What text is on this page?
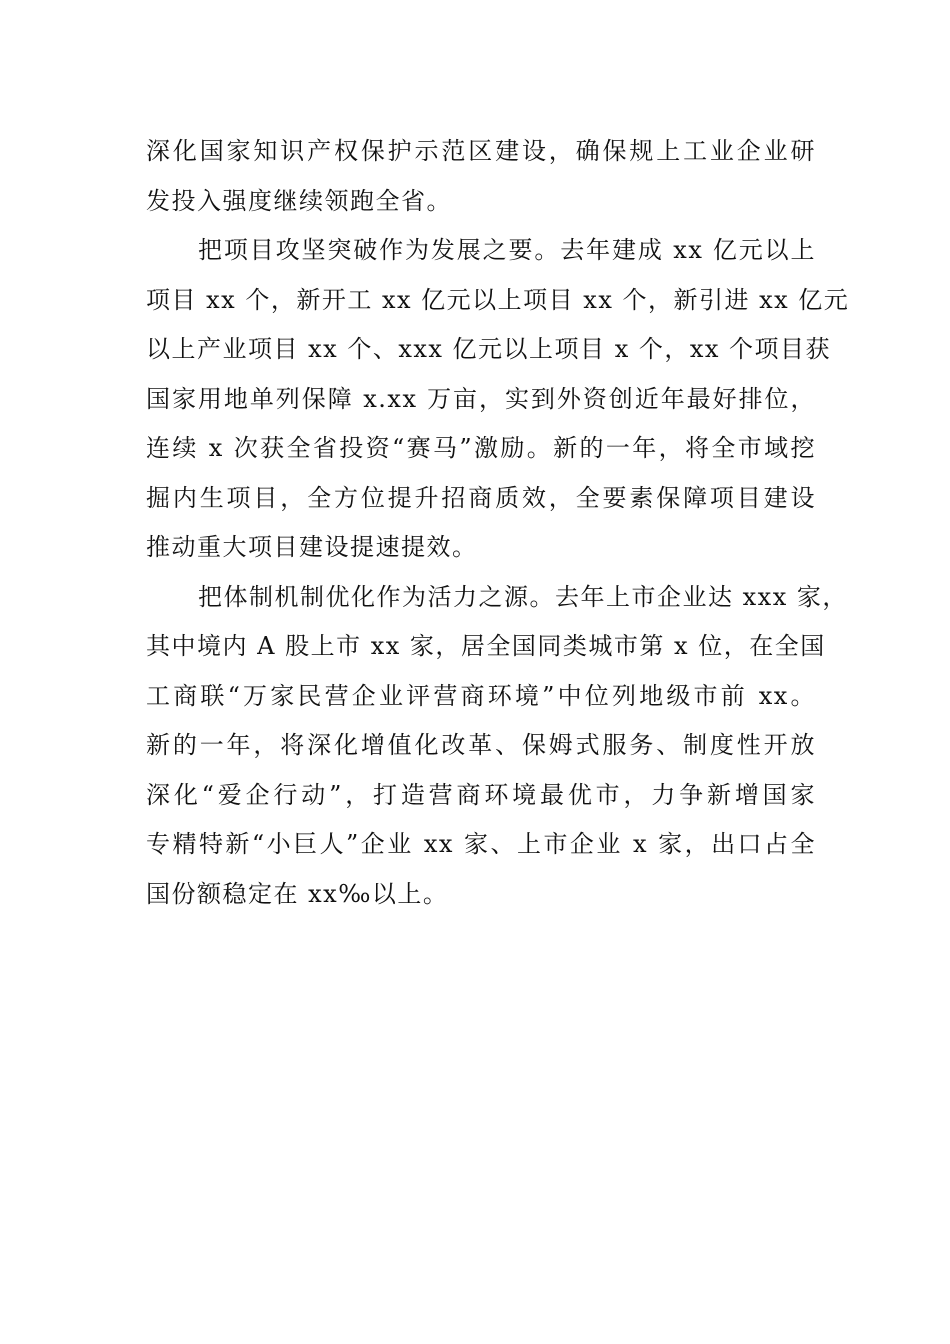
深化国家知识产权保护示范区建设，确保规上工业企业研
发投入强度继续领跑全省。
把项目攻坚突破作为发展之要。去年建成 xx 亿元以上
项目 xx 个，新开工 xx 亿元以上项目 xx 个，新引进 xx 亿元
以上产业项目 xx 个、xxx 亿元以上项目 x 个，xx 个项目获
国家用地单列保障 x.xx 万亩，实到外资创近年最好排位，
连续 x 次获全省投资“赛马”激励。新的一年，将全市域挖
掘内生项目，全方位提升招商质效，全要素保障项目建设
推动重大项目建设提速提效。
把体制机制优化作为活力之源。去年上市企业达 xxx 家，
其中境内 A 股上市 xx 家，居全国同类城市第 x 位，在全国
工商联“万家民营企业评营商环境”中位列地级市前 xx。
新的一年，将深化增值化改革、保姆式服务、制度性开放
深化“爱企行动”，打造营商环境最优市，力争新增国家
专精特新“小巨人”企业 xx 家、上市企业 x 家，出口占全
国份额稳定在 xx‰以上。
